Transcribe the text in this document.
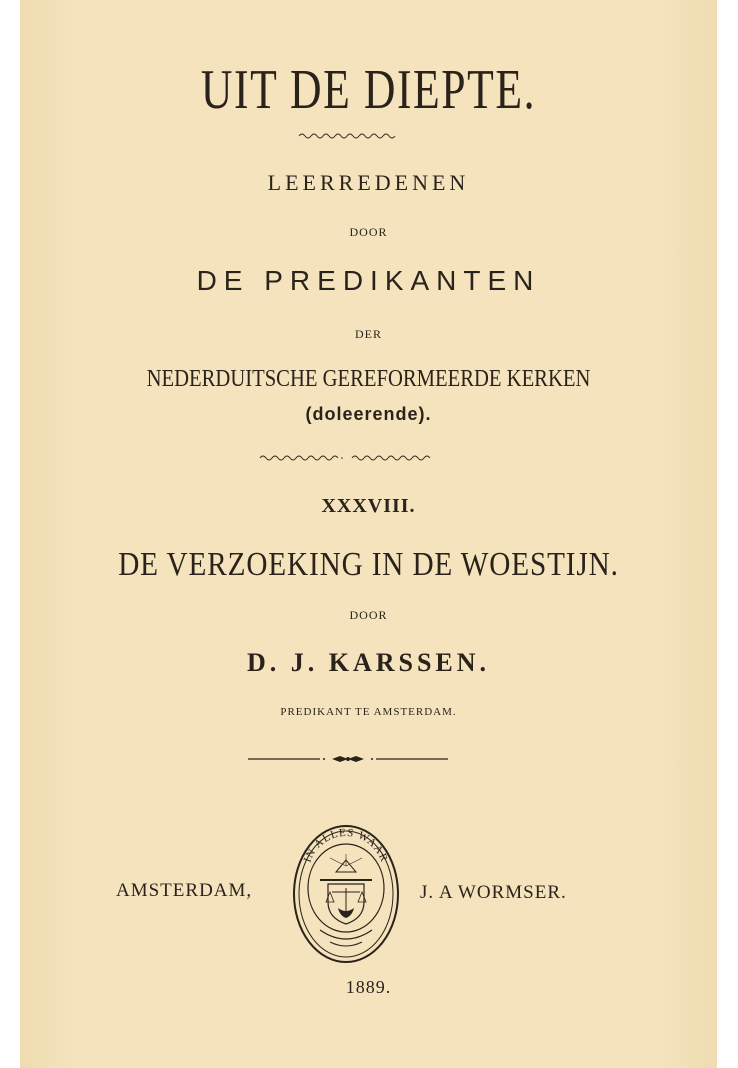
UIT DE DIEPTE.
LEERREDENEN
DOOR
DE PREDIKANTEN
DER
NEDERDUITSCHE GEREFORMEERDE KERKEN
(doleerende).
XXXVIII.
DE VERZOEKING IN DE WOESTIJN.
DOOR
D. J. KARSSEN.
PREDIKANT TE AMSTERDAM.
AMSTERDAM,
IN ALLES WAAR
J. A WORMSER.
1889.
